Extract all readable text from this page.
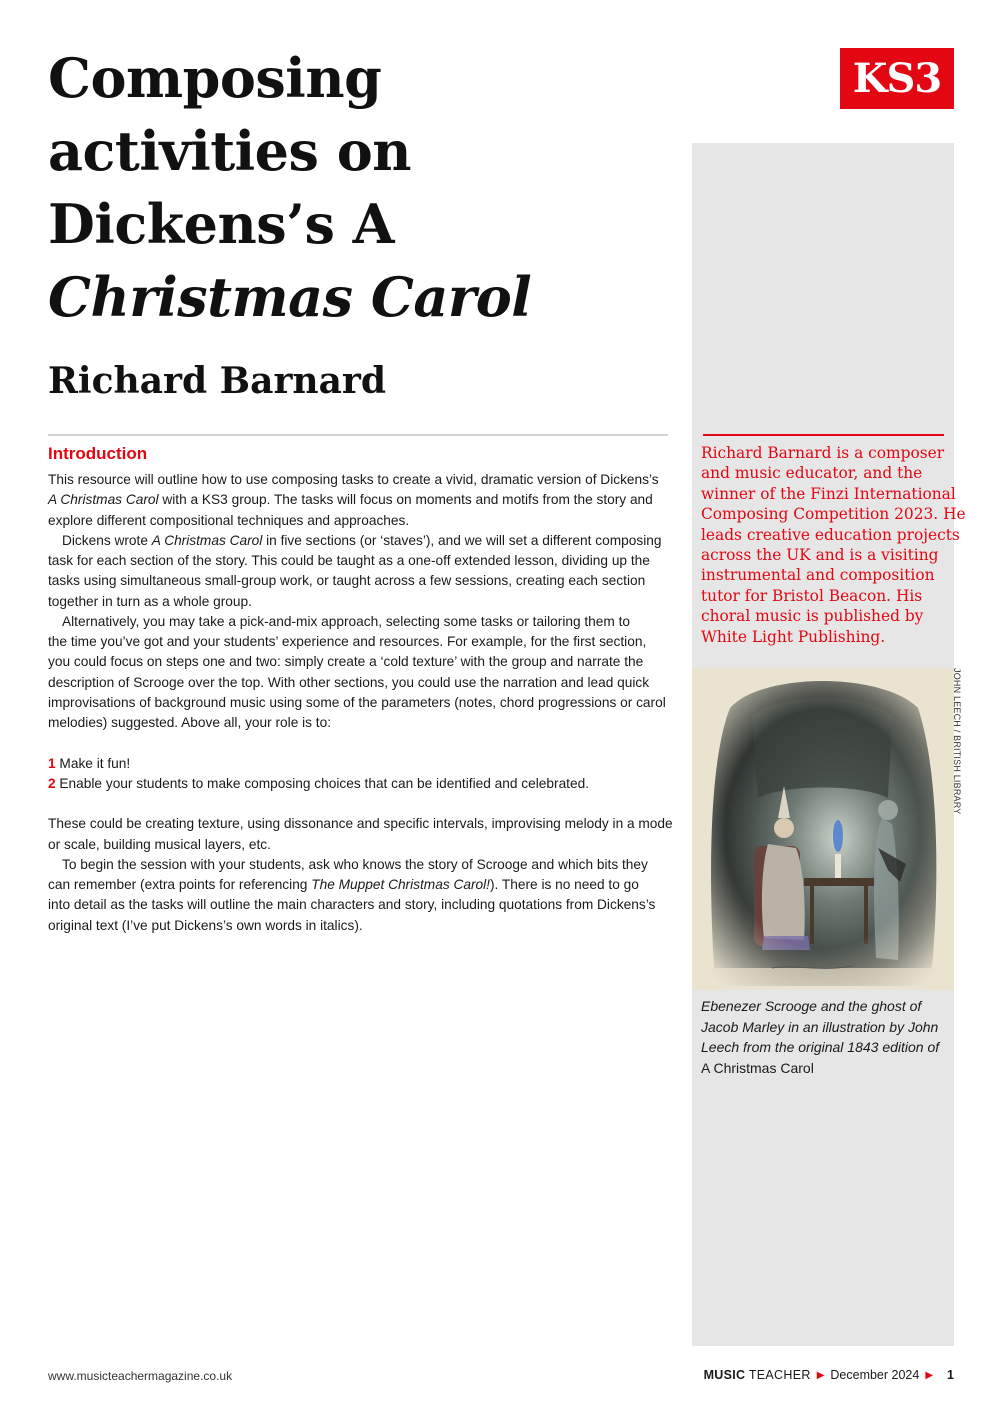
Composing
activities on
Dickens’s A
Christmas Carol
Richard Barnard
KS3

Richard Barnard is a composer
and music educator, and the
winner of the Finzi International
Composing Competition 2023. He
leads creative education projects
across the UK and is a visiting
instrumental and composition
tutor for Bristol Beacon. His
choral music is published by
White Light Publishing.

JOHN LEECH / BRITISH LIBRARY

Ebenezer Scrooge and the ghost of
Jacob Marley in an illustration by John
Leech from the original 1843 edition of
A Christmas Carol

Introduction
This resource will outline how to use composing tasks to create a vivid, dramatic version of Dickens’s
A Christmas Carol with a KS3 group. The tasks will focus on moments and motifs from the story and
explore different compositional techniques and approaches.
Dickens wrote A Christmas Carol in five sections (or ‘staves’), and we will set a different composing
task for each section of the story. This could be taught as a one-off extended lesson, dividing up the
tasks using simultaneous small-group work, or taught across a few sessions, creating each section
together in turn as a whole group.
Alternatively, you may take a pick-and-mix approach, selecting some tasks or tailoring them to
the time you’ve got and your students’ experience and resources. For example, for the first section,
you could focus on steps one and two: simply create a ‘cold texture’ with the group and narrate the
description of Scrooge over the top. With other sections, you could use the narration and lead quick
improvisations of background music using some of the parameters (notes, chord progressions or carol
melodies) suggested. Above all, your role is to:
1 Make it fun!
2 Enable your students to make composing choices that can be identified and celebrated.
These could be creating texture, using dissonance and specific intervals, improvising melody in a mode
or scale, building musical layers, etc.
To begin the session with your students, ask who knows the story of Scrooge and which bits they
can remember (extra points for referencing The Muppet Christmas Carol!). There is no need to go
into detail as the tasks will outline the main characters and story, including quotations from Dickens’s
original text (I’ve put Dickens’s own words in italics).
www.musicteachermagazine.co.uk	MUSIC TEACHER ▶ December 2024 ▶ 1
